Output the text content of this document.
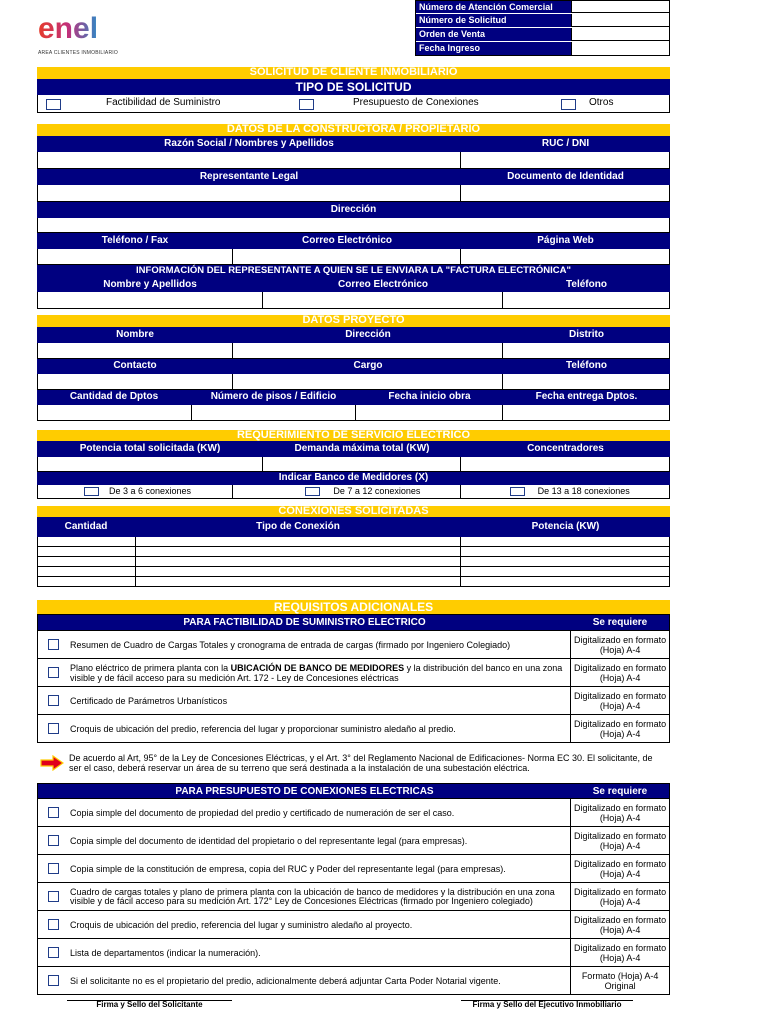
enel
AREA CLIENTES INMOBILIARIO
Número de Atención Comercial
Número de Solicitud
Orden de Venta
Fecha Ingreso
SOLICITUD DE CLIENTE INMOBILIARIO
TIPO DE SOLICITUD
Factibilidad de Suministro	Presupuesto de Conexiones	Otros
DATOS DE LA CONSTRUCTORA / PROPIETARIO
Razón Social / Nombres y Apellidos	RUC / DNI
Representante Legal	Documento de Identidad
Dirección
Teléfono / Fax	Correo Electrónico	Página Web
INFORMACIÓN DEL REPRESENTANTE A QUIEN SE LE ENVIARA LA "FACTURA ELECTRÓNICA"
Nombre y Apellidos	Correo Electrónico	Teléfono
DATOS PROYECTO
Nombre	Dirección	Distrito
Contacto	Cargo	Teléfono
Cantidad de Dptos	Número de pisos / Edificio	Fecha inicio obra	Fecha entrega Dptos.
REQUERIMIENTO DE SERVICIO ELECTRICO
Potencia total solicitada (KW)	Demanda máxima total (KW)	Concentradores
Indicar Banco de Medidores (X)
De 3 a 6 conexiones	De 7 a 12 conexiones	De 13 a 18 conexiones
CONEXIONES SOLICITADAS
Cantidad	Tipo de Conexión	Potencia (KW)
REQUISITOS ADICIONALES
PARA FACTIBILIDAD DE SUMINISTRO ELECTRICO	Se requiere
Resumen de Cuadro de Cargas Totales y cronograma de entrada de cargas (firmado por Ingeniero Colegiado)	Digitalizado en formato (Hoja) A-4
Plano eléctrico de primera planta con la UBICACIÓN DE BANCO DE MEDIDORES y la distribución del banco en una zona visible y de fácil acceso para su medición Art. 172 - Ley de Concesiones eléctricas
Digitalizado en formato (Hoja) A-4
Certificado de Parámetros Urbanísticos	Digitalizado en formato (Hoja) A-4
Croquis de ubicación del predio, referencia del lugar y proporcionar suministro aledaño al predio.	Digitalizado en formato (Hoja) A-4
De acuerdo al Art, 95° de la Ley de Concesiones Eléctricas, y el Art. 3° del Reglamento Nacional de Edificaciones- Norma EC 30. El solicitante, de ser el caso, deberá reservar un área de su terreno que será destinada a la instalación de una subestación eléctrica.
PARA PRESUPUESTO DE CONEXIONES ELECTRICAS	Se requiere
Copia simple del documento de propiedad del predio y certificado de numeración de ser el caso.	Digitalizado en formato (Hoja) A-4
Copia simple del documento de identidad del propietario o del representante legal (para empresas).	Digitalizado en formato (Hoja) A-4
Copia simple de la constitución de empresa, copia del RUC y Poder del representante legal (para empresas).	Digitalizado en formato (Hoja) A-4
Cuadro de cargas totales y plano de primera planta con la ubicación de banco de medidores y la distribución en una zona visible y de fácil acceso para su medición Art. 172° Ley de Concesiones Eléctricas (firmado por Ingeniero colegiado)
Digitalizado en formato (Hoja) A-4
Croquis de ubicación del predio, referencia del lugar y suministro aledaño al proyecto.	Digitalizado en formato (Hoja) A-4
Lista de departamentos (indicar la numeración).	Digitalizado en formato (Hoja) A-4
Si el solicitante no es el propietario del predio, adicionalmente deberá adjuntar Carta Poder Notarial vigente.	Formato (Hoja) A-4 Original
Firma y Sello del Solicitante	Firma y Sello del Ejecutivo Inmobiliario
